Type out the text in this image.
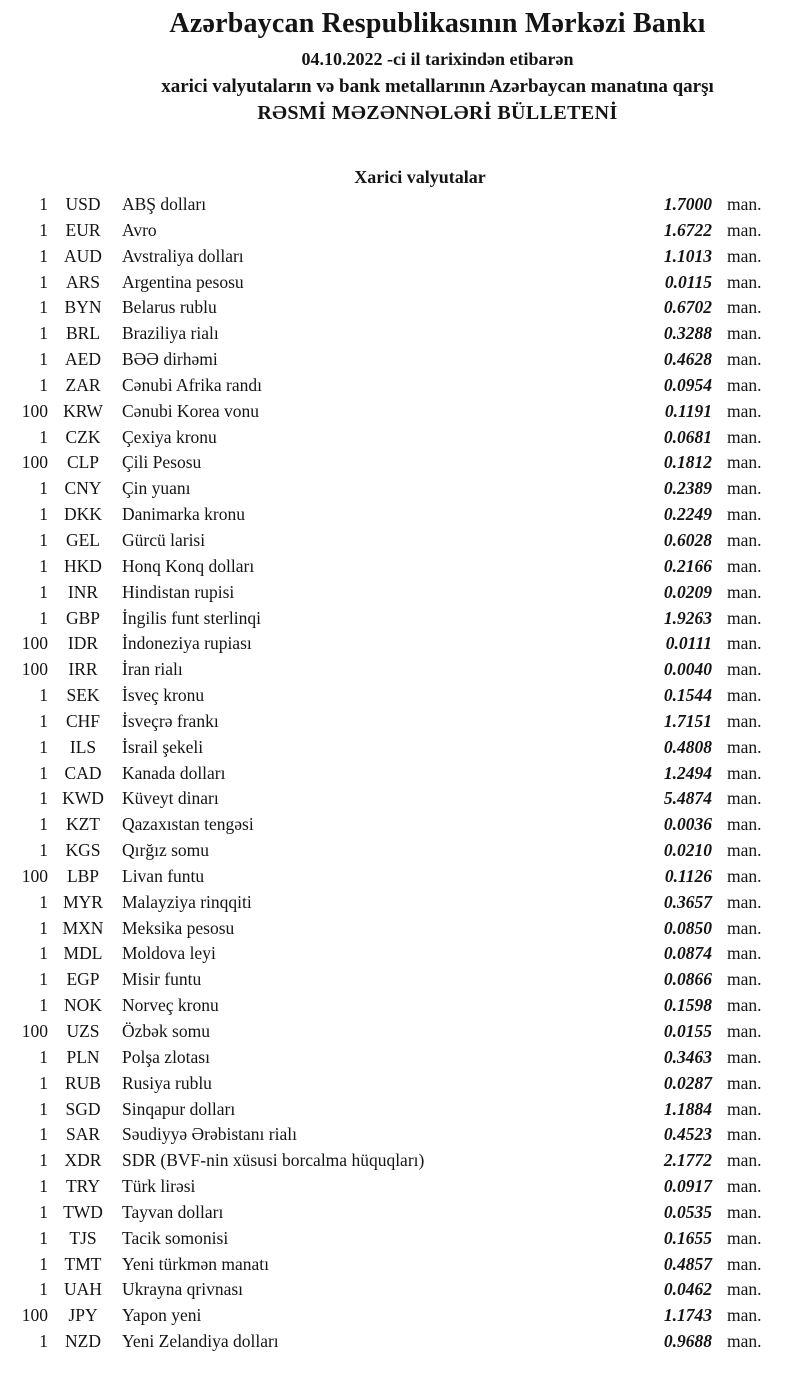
Azərbaycan Respublikasının Mərkəzi Bankı

04.10.2022 -ci il tarixindən etibarən

xarici valyutaların və bank metallarının Azərbaycan manatına qarşı

RƏSMİ MƏZƏNNƏLƏRİ BÜLLETENİ

Xarici valyutalar
1 USD	ABŞ dolları	1.7000 man.
1	EUR	Avro	1.6722 man.
1 AUD	Avstraliya dolları	1.1013 man.
1	ARS	Argentina pesosu	0.0115 man.
1 BYN	Belarus rublu	0.6702 man.
1	BRL	Braziliya rialı	0.3288 man.
1 AED	BƏƏ dirhəmi	0.4628 man.
1	ZAR	Cənubi Afrika randı	0.0954 man.
100 KRW	Cənubi Korea vonu	0.1191 man.
1	CZK	Çexiya kronu	0.0681 man.
100	CLP	Çili Pesosu	0.1812 man.
1 CNY	Çin yuanı	0.2389 man.
1 DKK	Danimarka kronu	0.2249 man.
1	GEL	Gürcü larisi	0.6028 man.
1 HKD	Honq Konq dolları	0.2166 man.
1	INR	Hindistan rupisi	0.0209 man.
1	GBP	İngilis funt sterlinqi	1.9263 man.
100	IDR	İndoneziya rupiası	0.0111 man.
100	IRR	İran rialı	0.0040 man.
1	SEK	İsveç kronu	0.1544 man.
1	CHF	İsveçrə frankı	1.7151 man.
1	ILS	İsrail şekeli	0.4808 man.
1 CAD	Kanada dolları	1.2494 man.
1 KWD	Küveyt dinarı	5.4874 man.
1	KZT	Qazaxıstan tengəsi	0.0036 man.
1 KGS	Qırğız somu	0.0210 man.
100	LBP	Livan funtu	0.1126 man.
1 MYR	Malayziya rinqqiti	0.3657 man.
1 MXN	Meksika pesosu	0.0850 man.
1 MDL	Moldova leyi	0.0874 man.
1	EGP	Misir funtu	0.0866 man.
1 NOK	Norveç kronu	0.1598 man.
100	UZS	Özbək somu	0.0155 man.
1	PLN	Polşa zlotası	0.3463 man.
1 RUB	Rusiya rublu	0.0287 man.
1 SGD	Sinqapur dolları	1.1884 man.
1	SAR	Səudiyyə Ərəbistanı rialı	0.4523 man.
1 XDR	SDR (BVF-nin xüsusi borcalma hüquqları)	2.1772 man.
1	TRY	Türk lirəsi	0.0917 man.
1 TWD	Tayvan dolları	0.0535 man.
1	TJS	Tacik somonisi	0.1655 man.
1 TMT	Yeni türkmən manatı	0.4857 man.
1 UAH	Ukrayna qrivnası	0.0462 man.
100	JPY	Yapon yeni	1.1743 man.
1 NZD	Yeni Zelandiya dolları	0.9688 man.
